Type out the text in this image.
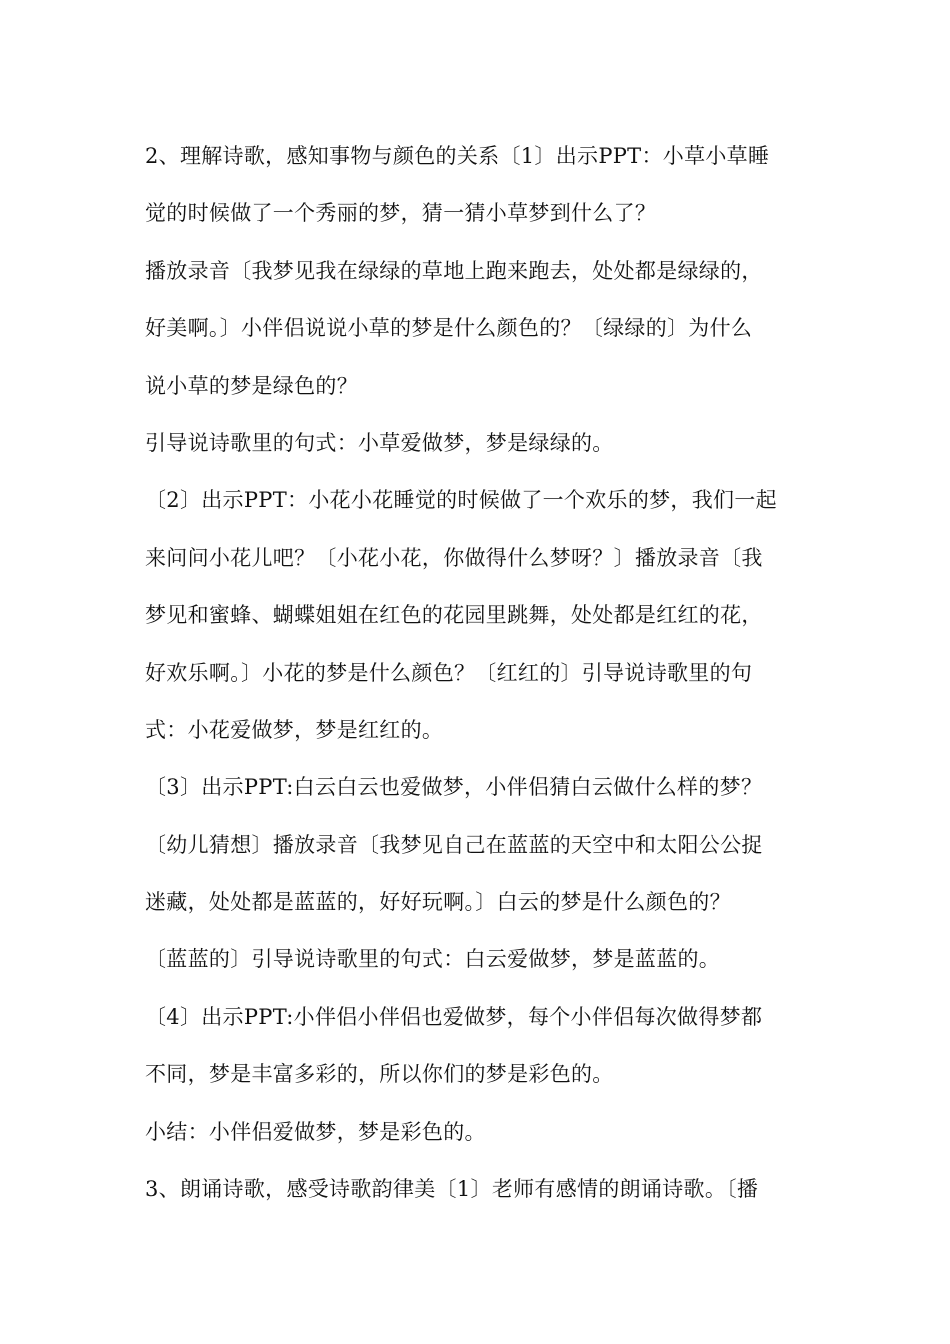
2、理解诗歌，感知事物与颜色的关系〔1〕出示PPT：小草小草睡
觉的时候做了一个秀丽的梦，猜一猜小草梦到什么了？
播放录音〔我梦见我在绿绿的草地上跑来跑去，处处都是绿绿的，
好美啊。〕小伴侣说说小草的梦是什么颜色的？〔绿绿的〕为什么
说小草的梦是绿色的？
引导说诗歌里的句式：小草爱做梦，梦是绿绿的。
〔2〕出示PPT：小花小花睡觉的时候做了一个欢乐的梦，我们一起
来问问小花儿吧？〔小花小花，你做得什么梦呀？〕播放录音〔我
梦见和蜜蜂、蝴蝶姐姐在红色的花园里跳舞，处处都是红红的花，
好欢乐啊。〕小花的梦是什么颜色？〔红红的〕引导说诗歌里的句
式：小花爱做梦，梦是红红的。
〔3〕出示PPT:白云白云也爱做梦，小伴侣猜白云做什么样的梦？
〔幼儿猜想〕播放录音〔我梦见自己在蓝蓝的天空中和太阳公公捉
迷藏，处处都是蓝蓝的，好好玩啊。〕白云的梦是什么颜色的？
〔蓝蓝的〕引导说诗歌里的句式：白云爱做梦，梦是蓝蓝的。
〔4〕出示PPT:小伴侣小伴侣也爱做梦，每个小伴侣每次做得梦都
不同，梦是丰富多彩的，所以你们的梦是彩色的。
小结：小伴侣爱做梦，梦是彩色的。
3、朗诵诗歌，感受诗歌韵律美〔1〕老师有感情的朗诵诗歌。〔播
